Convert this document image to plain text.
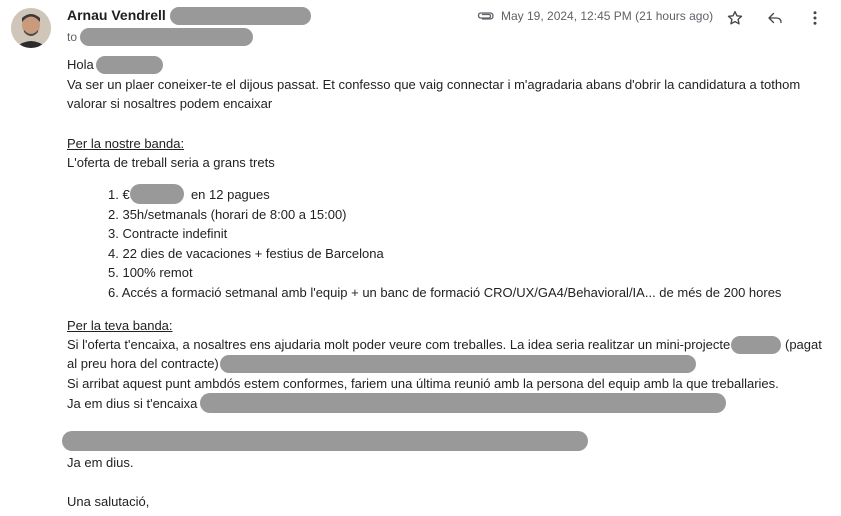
Arnau Vendrell
to
May 19, 2024, 12:45 PM (21 hours ago)
Hola
Va ser un plaer coneixer-te el dijous passat. Et confesso que vaig connectar i m'agradaria abans d'obrir la candidatura a tothom
valorar si nosaltres podem encaixar
Per la nostre banda:
L'oferta de treball seria a grans trets
1. €	en 12 pagues
2. 35h/setmanals (horari de 8:00 a 15:00)
3. Contracte indefinit
4. 22 dies de vacaciones + festius de Barcelona
5. 100% remot
6. Accés a formació setmanal amb l'equip + un banc de formació CRO/UX/GA4/Behavioral/IA... de més de 200 hores
Per la teva banda:
Si l'oferta t'encaixa, a nosaltres ens ajudaria molt poder veure com treballes. La idea seria realitzar un mini-projecte	(pagat
al preu hora del contracte)
Si arribat aquest punt ambdós estem conformes, fariem una última reunió amb la persona del equip amb la que treballaries.
Ja em dius si t'encaixa
Ja em dius.
Una salutació,
